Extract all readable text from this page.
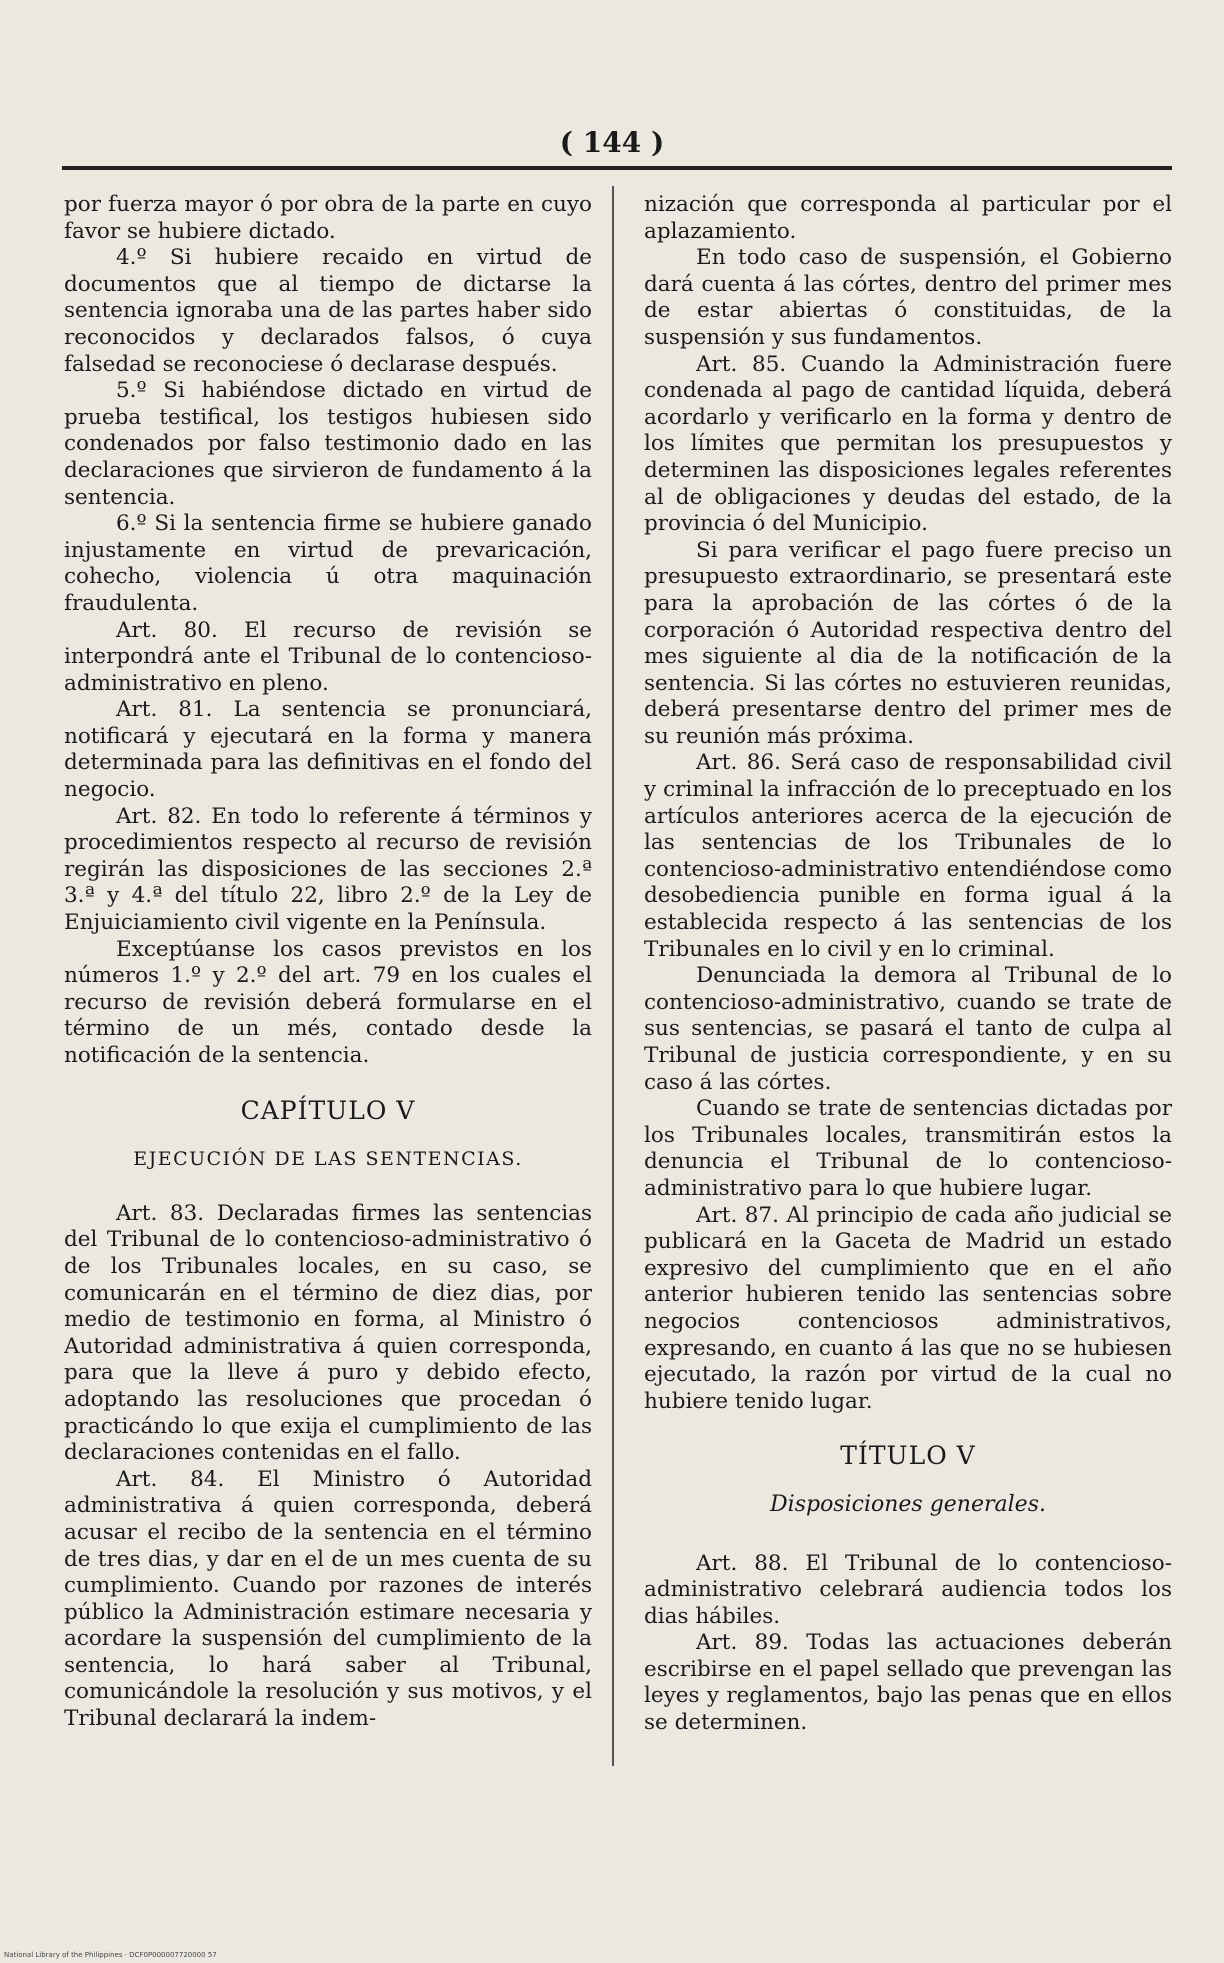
( 144 )

por fuerza mayor ó por obra de la parte en cuyo favor se hubiere dictado.

4.º Si hubiere recaido en virtud de documentos que al tiempo de dictarse la sentencia ignoraba una de las partes haber sido reconocidos y declarados falsos, ó cuya falsedad se reconociese ó declarase después.

5.º Si habiéndose dictado en virtud de prueba testifical, los testigos hubiesen sido condenados por falso testimonio dado en las declaraciones que sirvieron de fundamento á la sentencia.

6.º Si la sentencia firme se hubiere ganado injustamente en virtud de prevaricación, cohecho, violencia ú otra maquinación fraudulenta.

Art. 80. El recurso de revisión se interpondrá ante el Tribunal de lo contencioso-administrativo en pleno.

Art. 81. La sentencia se pronunciará, notificará y ejecutará en la forma y manera determinada para las definitivas en el fondo del negocio.

Art. 82. En todo lo referente á términos y procedimientos respecto al recurso de revisión regirán las disposiciones de las secciones 2.ª 3.ª y 4.ª del título 22, libro 2.º de la Ley de Enjuiciamiento civil vigente en la Península.

Exceptúanse los casos previstos en los números 1.º y 2.º del art. 79 en los cuales el recurso de revisión deberá formularse en el término de un més, contado desde la notificación de la sentencia.

CAPÍTULO V

EJECUCIÓN DE LAS SENTENCIAS.

Art. 83. Declaradas firmes las sentencias del Tribunal de lo contencioso-administrativo ó de los Tribunales locales, en su caso, se comunicarán en el término de diez dias, por medio de testimonio en forma, al Ministro ó Autoridad administrativa á quien corresponda, para que la lleve á puro y debido efecto, adoptando las resoluciones que procedan ó practicándo lo que exija el cumplimiento de las declaraciones contenidas en el fallo.

Art. 84. El Ministro ó Autoridad administrativa á quien corresponda, deberá acusar el recibo de la sentencia en el término de tres dias, y dar en el de un mes cuenta de su cumplimiento. Cuando por razones de interés público la Administración estimare necesaria y acordare la suspensión del cumplimiento de la sentencia, lo hará saber al Tribunal, comunicándole la resolución y sus motivos, y el Tribunal declarará la indem-

nización que corresponda al particular por el aplazamiento.

En todo caso de suspensión, el Gobierno dará cuenta á las córtes, dentro del primer mes de estar abiertas ó constituidas, de la suspensión y sus fundamentos.

Art. 85. Cuando la Administración fuere condenada al pago de cantidad líquida, deberá acordarlo y verificarlo en la forma y dentro de los límites que permitan los presupuestos y determinen las disposiciones legales referentes al de obligaciones y deudas del estado, de la provincia ó del Municipio.

Si para verificar el pago fuere preciso un presupuesto extraordinario, se presentará este para la aprobación de las córtes ó de la corporación ó Autoridad respectiva dentro del mes siguiente al dia de la notificación de la sentencia. Si las córtes no estuvieren reunidas, deberá presentarse dentro del primer mes de su reunión más próxima.

Art. 86. Será caso de responsabilidad civil y criminal la infracción de lo preceptuado en los artículos anteriores acerca de la ejecución de las sentencias de los Tribunales de lo contencioso-administrativo entendiéndose como desobediencia punible en forma igual á la establecida respecto á las sentencias de los Tribunales en lo civil y en lo criminal.

Denunciada la demora al Tribunal de lo contencioso-administrativo, cuando se trate de sus sentencias, se pasará el tanto de culpa al Tribunal de justicia correspondiente, y en su caso á las córtes.

Cuando se trate de sentencias dictadas por los Tribunales locales, transmitirán estos la denuncia el Tribunal de lo contencioso-administrativo para lo que hubiere lugar.

Art. 87. Al principio de cada año judicial se publicará en la Gaceta de Madrid un estado expresivo del cumplimiento que en el año anterior hubieren tenido las sentencias sobre negocios contenciosos administrativos, expresando, en cuanto á las que no se hubiesen ejecutado, la razón por virtud de la cual no hubiere tenido lugar.

TÍTULO V

Disposiciones generales.

Art. 88. El Tribunal de lo contencioso-administrativo celebrará audiencia todos los dias hábiles.

Art. 89. Todas las actuaciones deberán escribirse en el papel sellado que prevengan las leyes y reglamentos, bajo las penas que en ellos se determinen.

National Library of the Philippines · DCF0P000007720000 57
